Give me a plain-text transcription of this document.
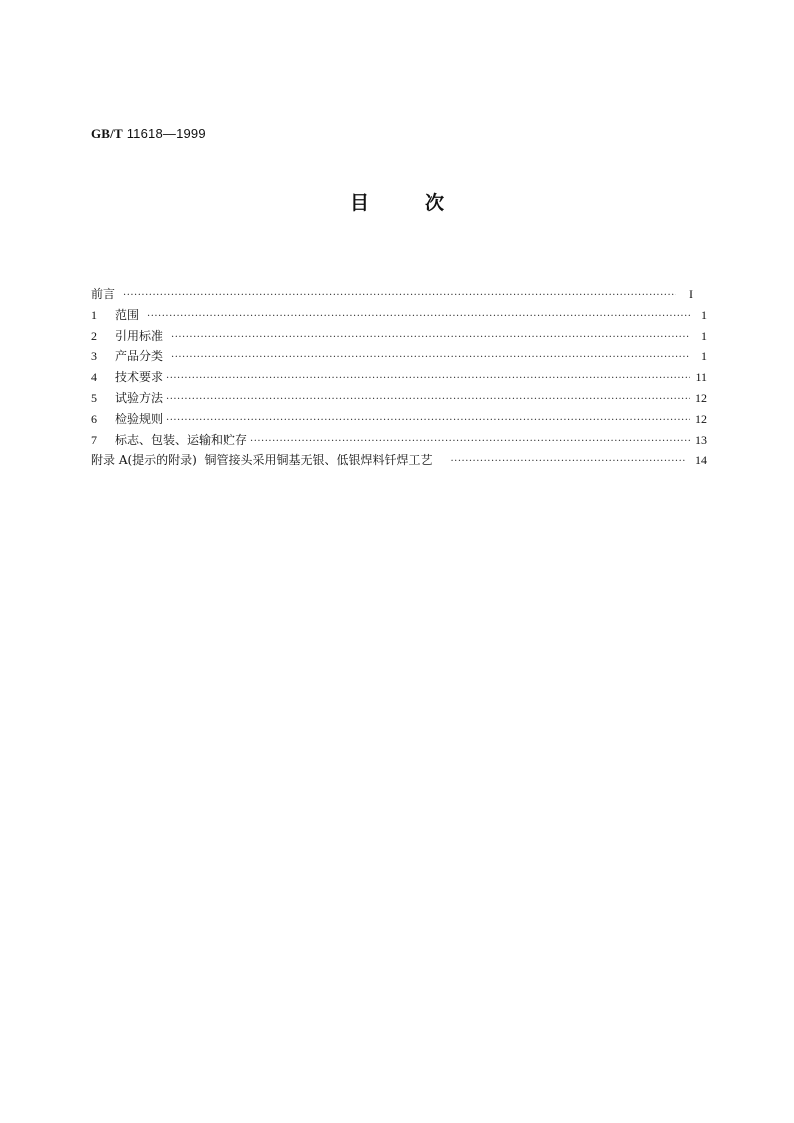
GB/T 11618—1999
目次
前言 ·····	I
1	范围 ·····	1
2	引用标准 ·····	1
3	产品分类 ·····	1
4	技术要求 ·····	11
5	试验方法 ·····	12
6	检验规则 ·····	12
7	标志、包装、运输和贮存 ·····	13
附录 A(提示的附录)  铜管接头采用铜基无银、低银焊料钎焊工艺 ·····	14
